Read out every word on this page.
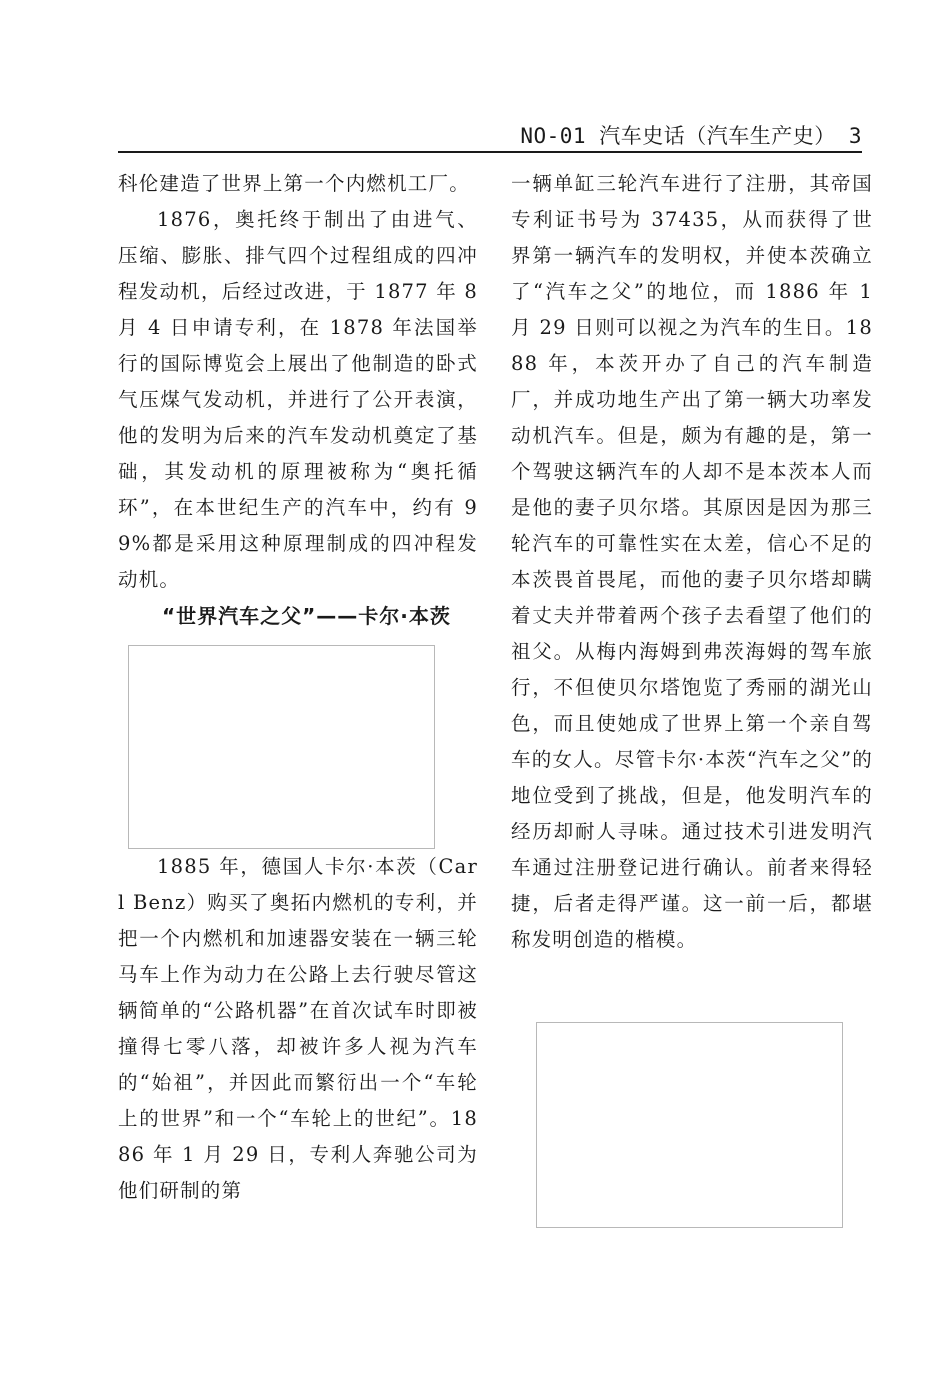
NO-01 汽车史话（汽车生产史） 3

科伦建造了世界上第一个内燃机工厂。

1876，奥托终于制出了由进气、压缩、膨胀、排气四个过程组成的四冲程发动机，后经过改进，于 1877 年 8 月 4 日申请专利，在 1878 年法国举行的国际博览会上展出了他制造的卧式气压煤气发动机，并进行了公开表演，他的发明为后来的汽车发动机奠定了基础，其发动机的原理被称为“奥托循环”，在本世纪生产的汽车中，约有 99%都是采用这种原理制成的四冲程发动机。

“世界汽车之父”——卡尔·本茨

1885 年，德国人卡尔·本茨（Carl Benz）购买了奥拓内燃机的专利，并把一个内燃机和加速器安装在一辆三轮马车上作为动力在公路上去行驶尽管这辆简单的“公路机器”在首次试车时即被撞得七零八落，却被许多人视为汽车的“始祖”，并因此而繁衍出一个“车轮上的世界”和一个“车轮上的世纪”。1886 年 1 月 29 日，专利人奔驰公司为他们研制的第

一辆单缸三轮汽车进行了注册，其帝国专利证书号为 37435，从而获得了世界第一辆汽车的发明权，并使本茨确立了“汽车之父”的地位，而 1886 年 1 月 29 日则可以视之为汽车的生日。1888 年，本茨开办了自己的汽车制造厂，并成功地生产出了第一辆大功率发动机汽车。但是，颇为有趣的是，第一个驾驶这辆汽车的人却不是本茨本人而是他的妻子贝尔塔。其原因是因为那三轮汽车的可靠性实在太差，信心不足的本茨畏首畏尾，而他的妻子贝尔塔却瞒着丈夫并带着两个孩子去看望了他们的祖父。从梅内海姆到弗茨海姆的驾车旅行，不但使贝尔塔饱览了秀丽的湖光山色，而且使她成了世界上第一个亲自驾车的女人。尽管卡尔·本茨“汽车之父”的地位受到了挑战，但是，他发明汽车的经历却耐人寻味。通过技术引进发明汽车通过注册登记进行确认。前者来得轻捷，后者走得严谨。这一前一后，都堪称发明创造的楷模。
